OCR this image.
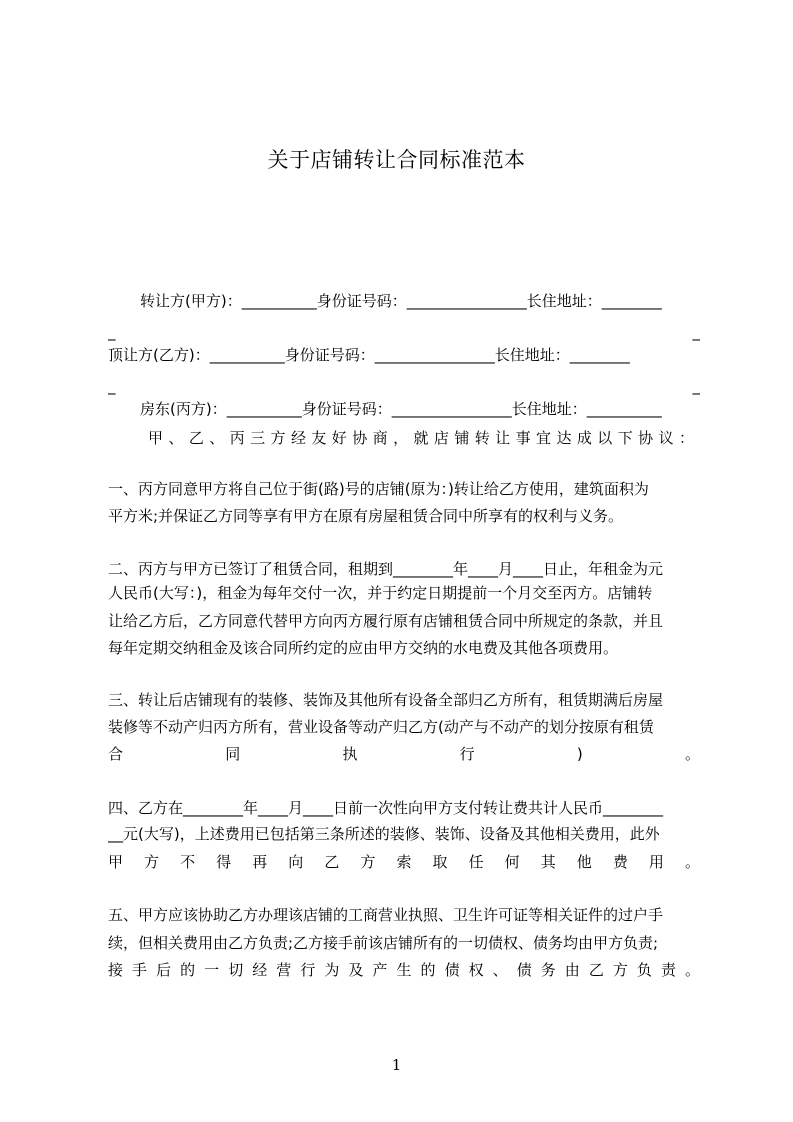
关于店铺转让合同标准范本
转让方(甲方)：__________身份证号码：________________长住地址：________
_	_
顶让方(乙方)：__________身份证号码：________________长住地址：________
_	_
房东(丙方)：__________身份证号码：________________长住地址：__________
甲、乙、丙三方经友好协商，就店铺转让事宜达成以下协议：
一、丙方同意甲方将自己位于街(路)号的店铺(原为：)转让给乙方使用，建筑面积为
平方米;并保证乙方同等享有甲方在原有房屋租赁合同中所享有的权利与义务。
二、丙方与甲方已签订了租赁合同，租期到________年____月____日止，年租金为元
人民币(大写：)，租金为每年交付一次，并于约定日期提前一个月交至丙方。店铺转
让给乙方后，乙方同意代替甲方向丙方履行原有店铺租赁合同中所规定的条款，并且
每年定期交纳租金及该合同所约定的应由甲方交纳的水电费及其他各项费用。
三、转让后店铺现有的装修、装饰及其他所有设备全部归乙方所有，租赁期满后房屋
装修等不动产归丙方所有，营业设备等动产归乙方(动产与不动产的划分按原有租赁
合同执行)。
四、乙方在________年____月____日前一次性向甲方支付转让费共计人民币________
__元(大写)，上述费用已包括第三条所述的装修、装饰、设备及其他相关费用，此外
甲方不得再向乙方索取任何其他费用。
五、甲方应该协助乙方办理该店铺的工商营业执照、卫生许可证等相关证件的过户手
续，但相关费用由乙方负责;乙方接手前该店铺所有的一切债权、债务均由甲方负责;
接手后的一切经营行为及产生的债权、债务由乙方负责。
1
